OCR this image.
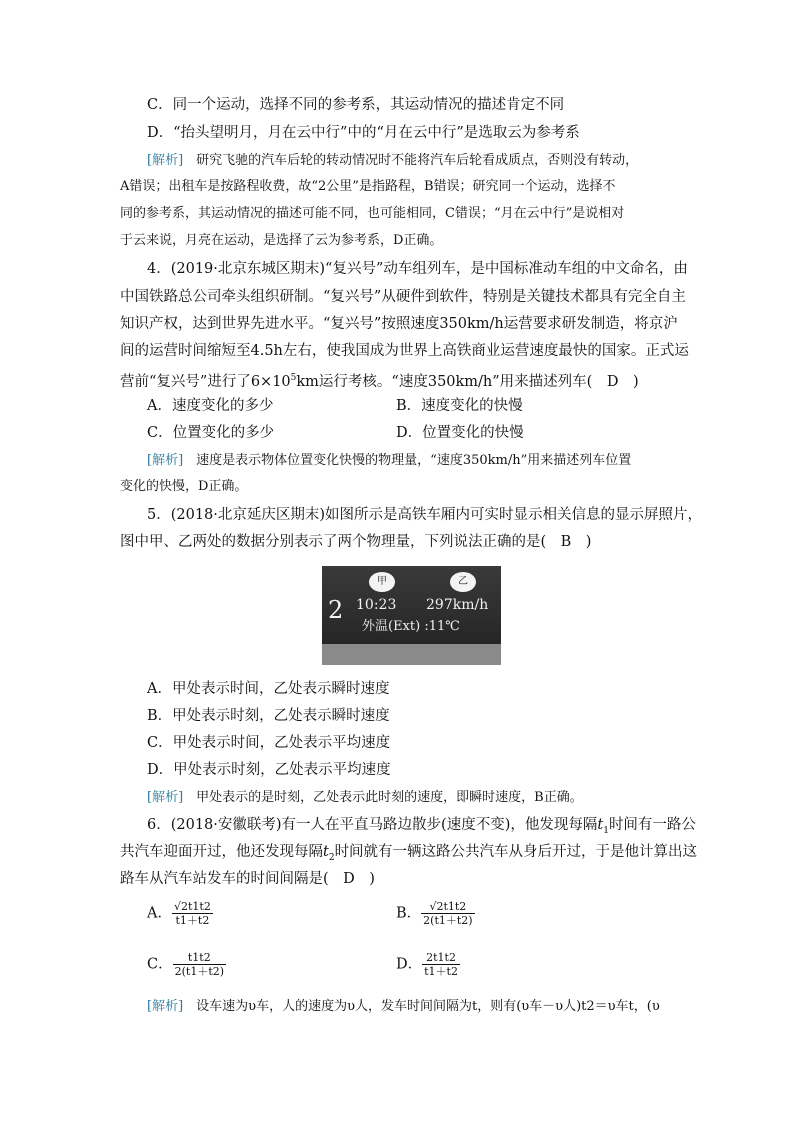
C．同一个运动，选择不同的参考系，其运动情况的描述肯定不同
D．“抬头望明月，月在云中行”中的“月在云中行”是选取云为参考系
[解析]　 研究飞驰的汽车后轮的转动情况时不能将汽车后轮看成质点，否则没有转动，
A错误；出租车是按路程收费，故“2公里”是指路程，B错误；研究同一个运动，选择不
同的参考系，其运动情况的描述可能不同，也可能相同，C错误；“月在云中行”是说相对
于云来说，月亮在运动，是选择了云为参考系，D正确。
4．(2019·北京东城区期末)“复兴号”动车组列车，是中国标准动车组的中文命名，由
中国铁路总公司牵头组织研制。“复兴号”从硬件到软件，特别是关键技术都具有完全自主
知识产权，达到世界先进水平。“复兴号”按照速度350km/h运营要求研发制造，将京沪
间的运营时间缩短至4.5h左右，使我国成为世界上高铁商业运营速度最快的国家。正式运
营前“复兴号”进行了$6\times 10^5km$运行考核。“速度350km/h”用来描述列车(　D　)
A．速度变化的多少	B．速度变化的快慢
C．位置变化的多少	D．位置变化的快慢
[解析]　 速度是表示物体位置变化快慢的物理量，“速度350km/h”用来描述列车位置
变化的快慢，D正确。
5．(2018·北京延庆区期末)如图所示是高铁车厢内可实时显示相关信息的显示屏照片，
图中甲、乙两处的数据分别表示了两个物理量，下列说法正确的是(　B　)
甲	乙
2 10:23 297km/h
外温(Ext) :11℃
A．甲处表示时间，乙处表示瞬时速度
B．甲处表示时刻，乙处表示瞬时速度
C．甲处表示时间，乙处表示平均速度
D．甲处表示时刻，乙处表示平均速度
[解析]　 甲处表示的是时刻，乙处表示此时刻的速度，即瞬时速度，B正确。
6．(2018·安徽联考)有一人在平直马路边散步(速度不变)，他发现每隔$t_1$时间有一路公
共汽车迎面开过，他还发现每隔$t_2$时间就有一辆这路公共汽车从身后开过，于是他计算出这
路车从汽车站发车的时间间隔是(　D　)
A． $\frac{√2t1t2}{t1+t2}$	B． $\frac{√2t1t2}{2(t1+t2)}$
C． $\frac{t1t2}{2(t1+t2)}$	D． $\frac{2t1t2}{t1+t2}$
[解析]　 设车速为υ车，人的速度为υ人，发车时间间隔为t，则有(υ车－υ人)t2＝υ车t，(υ
